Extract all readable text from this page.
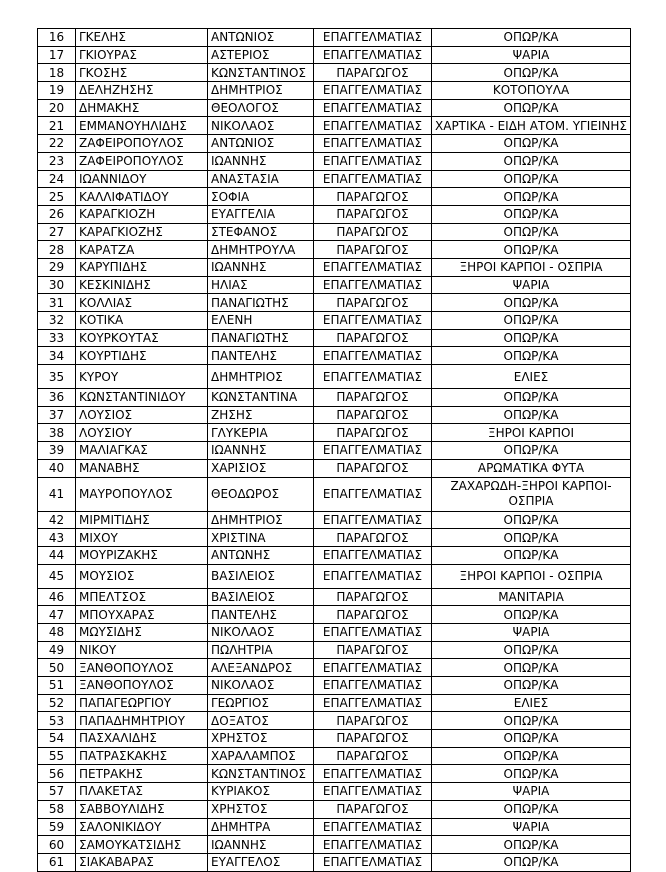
16	ΓΚΕΛΗΣ	ΑΝΤΩΝΙΟΣ	ΕΠΑΓΓΕΛΜΑΤΙΑΣ	ΟΠΩΡ/ΚΑ
17	ΓΚΙΟΥΡΑΣ	ΑΣΤΕΡΙΟΣ	ΕΠΑΓΓΕΛΜΑΤΙΑΣ	ΨΑΡΙΑ
18	ΓΚΟΣΗΣ	ΚΩΝΣΤΑΝΤΙΝΟΣ	ΠΑΡΑΓΩΓΟΣ	ΟΠΩΡ/ΚΑ
19	ΔΕΛΗΖΗΣΗΣ	ΔΗΜΗΤΡΙΟΣ	ΕΠΑΓΓΕΛΜΑΤΙΑΣ	ΚΟΤΟΠΟΥΛΑ
20	ΔΗΜΑΚΗΣ	ΘΕΟΛΟΓΟΣ	ΕΠΑΓΓΕΛΜΑΤΙΑΣ	ΟΠΩΡ/ΚΑ
21	ΕΜΜΑΝΟΥΗΛΙΔΗΣ	ΝΙΚΟΛΑΟΣ	ΕΠΑΓΓΕΛΜΑΤΙΑΣ	ΧΑΡΤΙΚΑ - ΕΙΔΗ ΑΤΟΜ. ΥΓΙΕΙΝΗΣ
22	ΖΑΦΕΙΡΟΠΟΥΛΟΣ	ΑΝΤΩΝΙΟΣ	ΕΠΑΓΓΕΛΜΑΤΙΑΣ	ΟΠΩΡ/ΚΑ
23	ΖΑΦΕΙΡΟΠΟΥΛΟΣ	ΙΩΑΝΝΗΣ	ΕΠΑΓΓΕΛΜΑΤΙΑΣ	ΟΠΩΡ/ΚΑ
24	ΙΩΑΝΝΙΔΟΥ	ΑΝΑΣΤΑΣΙΑ	ΕΠΑΓΓΕΛΜΑΤΙΑΣ	ΟΠΩΡ/ΚΑ
25	ΚΑΛΛΙΦΑΤΙΔΟΥ	ΣΟΦΙΑ	ΠΑΡΑΓΩΓΟΣ	ΟΠΩΡ/ΚΑ
26	ΚΑΡΑΓΚΙΟΖΗ	ΕΥΑΓΓΕΛΙΑ	ΠΑΡΑΓΩΓΟΣ	ΟΠΩΡ/ΚΑ
27	ΚΑΡΑΓΚΙΟΖΗΣ	ΣΤΕΦΑΝΟΣ	ΠΑΡΑΓΩΓΟΣ	ΟΠΩΡ/ΚΑ
28	ΚΑΡΑΤΖΑ	ΔΗΜΗΤΡΟΥΛΑ	ΠΑΡΑΓΩΓΟΣ	ΟΠΩΡ/ΚΑ
29	ΚΑΡΥΠΙΔΗΣ	ΙΩΑΝΝΗΣ	ΕΠΑΓΓΕΛΜΑΤΙΑΣ	ΞΗΡΟΙ ΚΑΡΠΟΙ - ΟΣΠΡΙΑ
30	ΚΕΣΚΙΝΙΔΗΣ	ΗΛΙΑΣ	ΕΠΑΓΓΕΛΜΑΤΙΑΣ	ΨΑΡΙΑ
31	ΚΟΛΛΙΑΣ	ΠΑΝΑΓΙΩΤΗΣ	ΠΑΡΑΓΩΓΟΣ	ΟΠΩΡ/ΚΑ
32	ΚΟΤΙΚΑ	ΕΛΕΝΗ	ΕΠΑΓΓΕΛΜΑΤΙΑΣ	ΟΠΩΡ/ΚΑ
33	ΚΟΥΡΚΟΥΤΑΣ	ΠΑΝΑΓΙΩΤΗΣ	ΠΑΡΑΓΩΓΟΣ	ΟΠΩΡ/ΚΑ
34	ΚΟΥΡΤΙΔΗΣ	ΠΑΝΤΕΛΗΣ	ΕΠΑΓΓΕΛΜΑΤΙΑΣ	ΟΠΩΡ/ΚΑ
35	ΚΥΡΟΥ	ΔΗΜΗΤΡΙΟΣ	ΕΠΑΓΓΕΛΜΑΤΙΑΣ	ΕΛΙΕΣ
36	ΚΩΝΣΤΑΝΤΙΝΙΔΟΥ	ΚΩΝΣΤΑΝΤΙΝΑ	ΠΑΡΑΓΩΓΟΣ	ΟΠΩΡ/ΚΑ
37	ΛΟΥΣΙΟΣ	ΖΗΣΗΣ	ΠΑΡΑΓΩΓΟΣ	ΟΠΩΡ/ΚΑ
38	ΛΟΥΣΙΟΥ	ΓΛΥΚΕΡΙΑ	ΠΑΡΑΓΩΓΟΣ	ΞΗΡΟΙ ΚΑΡΠΟΙ
39	ΜΑΛΙΑΓΚΑΣ	ΙΩΑΝΝΗΣ	ΕΠΑΓΓΕΛΜΑΤΙΑΣ	ΟΠΩΡ/ΚΑ
40	ΜΑΝΑΒΗΣ	ΧΑΡΙΣΙΟΣ	ΠΑΡΑΓΩΓΟΣ	ΑΡΩΜΑΤΙΚΑ ΦΥΤΑ
41	ΜΑΥΡΟΠΟΥΛΟΣ	ΘΕΟΔΩΡΟΣ	ΕΠΑΓΓΕΛΜΑΤΙΑΣ	ΖΑΧΑΡΩΔΗ-ΞΗΡΟΙ ΚΑΡΠΟΙ-ΟΣΠΡΙΑ
42	ΜΙΡΜΙΤΙΔΗΣ	ΔΗΜΗΤΡΙΟΣ	ΕΠΑΓΓΕΛΜΑΤΙΑΣ	ΟΠΩΡ/ΚΑ
43	ΜΙΧΟΥ	ΧΡΙΣΤΙΝΑ	ΠΑΡΑΓΩΓΟΣ	ΟΠΩΡ/ΚΑ
44	ΜΟΥΡΙΖΑΚΗΣ	ΑΝΤΩΝΗΣ	ΕΠΑΓΓΕΛΜΑΤΙΑΣ	ΟΠΩΡ/ΚΑ
45	ΜΟΥΣΙΟΣ	ΒΑΣΙΛΕΙΟΣ	ΕΠΑΓΓΕΛΜΑΤΙΑΣ	ΞΗΡΟΙ ΚΑΡΠΟΙ - ΟΣΠΡΙΑ
46	ΜΠΕΛΤΣΟΣ	ΒΑΣΙΛΕΙΟΣ	ΠΑΡΑΓΩΓΟΣ	ΜΑΝΙΤΑΡΙΑ
47	ΜΠΟΥΧΑΡΑΣ	ΠΑΝΤΕΛΗΣ	ΠΑΡΑΓΩΓΟΣ	ΟΠΩΡ/ΚΑ
48	ΜΩΥΣΙΔΗΣ	ΝΙΚΟΛΑΟΣ	ΕΠΑΓΓΕΛΜΑΤΙΑΣ	ΨΑΡΙΑ
49	ΝΙΚΟΥ	ΠΩΛΗΤΡΙΑ	ΠΑΡΑΓΩΓΟΣ	ΟΠΩΡ/ΚΑ
50	ΞΑΝΘΟΠΟΥΛΟΣ	ΑΛΕΞΑΝΔΡΟΣ	ΕΠΑΓΓΕΛΜΑΤΙΑΣ	ΟΠΩΡ/ΚΑ
51	ΞΑΝΘΟΠΟΥΛΟΣ	ΝΙΚΟΛΑΟΣ	ΕΠΑΓΓΕΛΜΑΤΙΑΣ	ΟΠΩΡ/ΚΑ
52	ΠΑΠΑΓΕΩΡΓΙΟΥ	ΓΕΩΡΓΙΟΣ	ΕΠΑΓΓΕΛΜΑΤΙΑΣ	ΕΛΙΕΣ
53	ΠΑΠΑΔΗΜΗΤΡΙΟΥ	ΔΟΞΑΤΟΣ	ΠΑΡΑΓΩΓΟΣ	ΟΠΩΡ/ΚΑ
54	ΠΑΣΧΑΛΙΔΗΣ	ΧΡΗΣΤΟΣ	ΠΑΡΑΓΩΓΟΣ	ΟΠΩΡ/ΚΑ
55	ΠΑΤΡΑΣΚΑΚΗΣ	ΧΑΡΑΛΑΜΠΟΣ	ΠΑΡΑΓΩΓΟΣ	ΟΠΩΡ/ΚΑ
56	ΠΕΤΡΑΚΗΣ	ΚΩΝΣΤΑΝΤΙΝΟΣ	ΕΠΑΓΓΕΛΜΑΤΙΑΣ	ΟΠΩΡ/ΚΑ
57	ΠΛΑΚΕΤΑΣ	ΚΥΡΙΑΚΟΣ	ΕΠΑΓΓΕΛΜΑΤΙΑΣ	ΨΑΡΙΑ
58	ΣΑΒΒΟΥΛΙΔΗΣ	ΧΡΗΣΤΟΣ	ΠΑΡΑΓΩΓΟΣ	ΟΠΩΡ/ΚΑ
59	ΣΑΛΟΝΙΚΙΔΟΥ	ΔΗΜΗΤΡΑ	ΕΠΑΓΓΕΛΜΑΤΙΑΣ	ΨΑΡΙΑ
60	ΣΑΜΟΥΚΑΤΣΙΔΗΣ	ΙΩΑΝΝΗΣ	ΕΠΑΓΓΕΛΜΑΤΙΑΣ	ΟΠΩΡ/ΚΑ
61	ΣΙΑΚΑΒΑΡΑΣ	ΕΥΑΓΓΕΛΟΣ	ΕΠΑΓΓΕΛΜΑΤΙΑΣ	ΟΠΩΡ/ΚΑ
